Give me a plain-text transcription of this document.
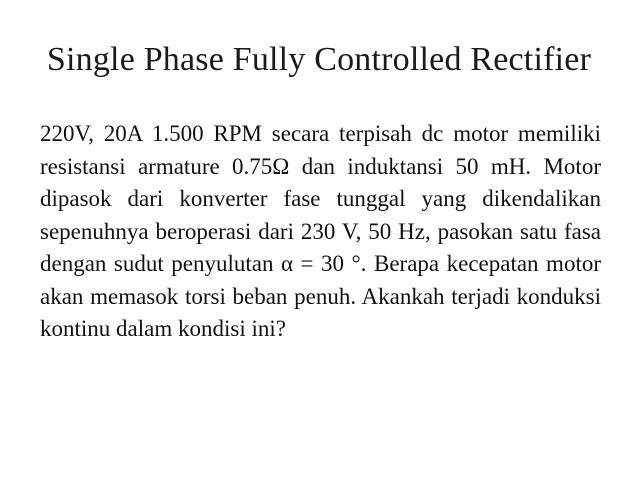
Single Phase Fully Controlled Rectifier

220V, 20A 1.500 RPM secara terpisah dc motor memiliki resistansi armature 0.75Ω dan induktansi 50 mH. Motor dipasok dari konverter fase tunggal yang dikendalikan sepenuhnya beroperasi dari 230 V, 50 Hz, pasokan satu fasa dengan sudut penyulutan α = 30 °. Berapa kecepatan motor akan memasok torsi beban penuh. Akankah terjadi konduksi kontinu dalam kondisi ini?
